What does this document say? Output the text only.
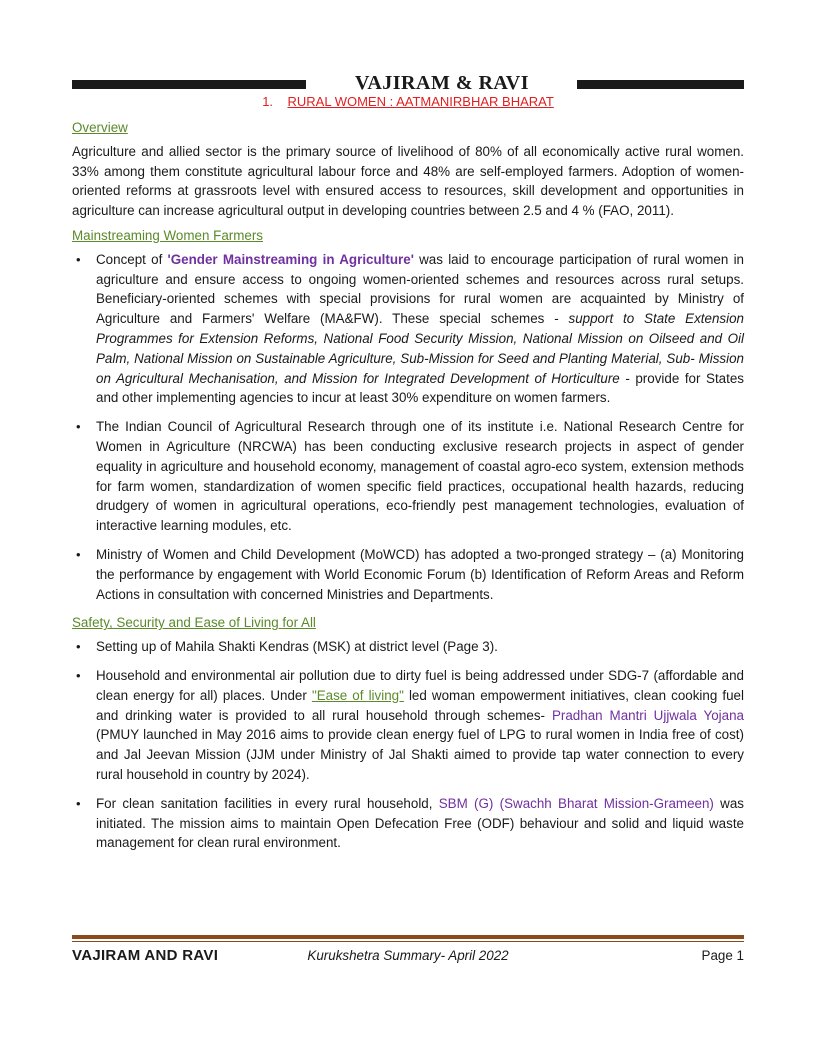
VAJIRAM & RAVI
1. RURAL WOMEN : AATMANIRBHAR BHARAT
Overview

Agriculture and allied sector is the primary source of livelihood of 80% of all economically active rural women. 33% among them constitute agricultural labour force and 48% are self-employed farmers. Adoption of women-oriented reforms at grassroots level with ensured access to resources, skill development and opportunities in agriculture can increase agricultural output in developing countries between 2.5 and 4 % (FAO, 2011).

Mainstreaming Women Farmers
• Concept of 'Gender Mainstreaming in Agriculture' was laid to encourage participation of rural women in agriculture and ensure access to ongoing women-oriented schemes and resources across rural setups. Beneficiary-oriented schemes with special provisions for rural women are acquainted by Ministry of Agriculture and Farmers' Welfare (MA&FW). These special schemes - support to State Extension Programmes for Extension Reforms, National Food Security Mission, National Mission on Oilseed and Oil Palm, National Mission on Sustainable Agriculture, Sub-Mission for Seed and Planting Material, Sub- Mission on Agricultural Mechanisation, and Mission for Integrated Development of Horticulture - provide for States and other implementing agencies to incur at least 30% expenditure on women farmers.
• The Indian Council of Agricultural Research through one of its institute i.e. National Research Centre for Women in Agriculture (NRCWA) has been conducting exclusive research projects in aspect of gender equality in agriculture and household economy, management of coastal agro-eco system, extension methods for farm women, standardization of women specific field practices, occupational health hazards, reducing drudgery of women in agricultural operations, eco-friendly pest management technologies, evaluation of interactive learning modules, etc.
• Ministry of Women and Child Development (MoWCD) has adopted a two-pronged strategy – (a) Monitoring the performance by engagement with World Economic Forum (b) Identification of Reform Areas and Reform Actions in consultation with concerned Ministries and Departments.
Safety, Security and Ease of Living for All
• Setting up of Mahila Shakti Kendras (MSK) at district level (Page 3).
• Household and environmental air pollution due to dirty fuel is being addressed under SDG-7 (affordable and clean energy for all) places. Under "Ease of living" led woman empowerment initiatives, clean cooking fuel and drinking water is provided to all rural household through schemes- Pradhan Mantri Ujjwala Yojana (PMUY launched in May 2016 aims to provide clean energy fuel of LPG to rural women in India free of cost) and Jal Jeevan Mission (JJM under Ministry of Jal Shakti aimed to provide tap water connection to every rural household in country by 2024).
• For clean sanitation facilities in every rural household, SBM (G) (Swachh Bharat Mission-Grameen) was initiated. The mission aims to maintain Open Defecation Free (ODF) behaviour and solid and liquid waste management for clean rural environment.
VAJIRAM AND RAVI	Kurukshetra Summary- April 2022	Page 1
